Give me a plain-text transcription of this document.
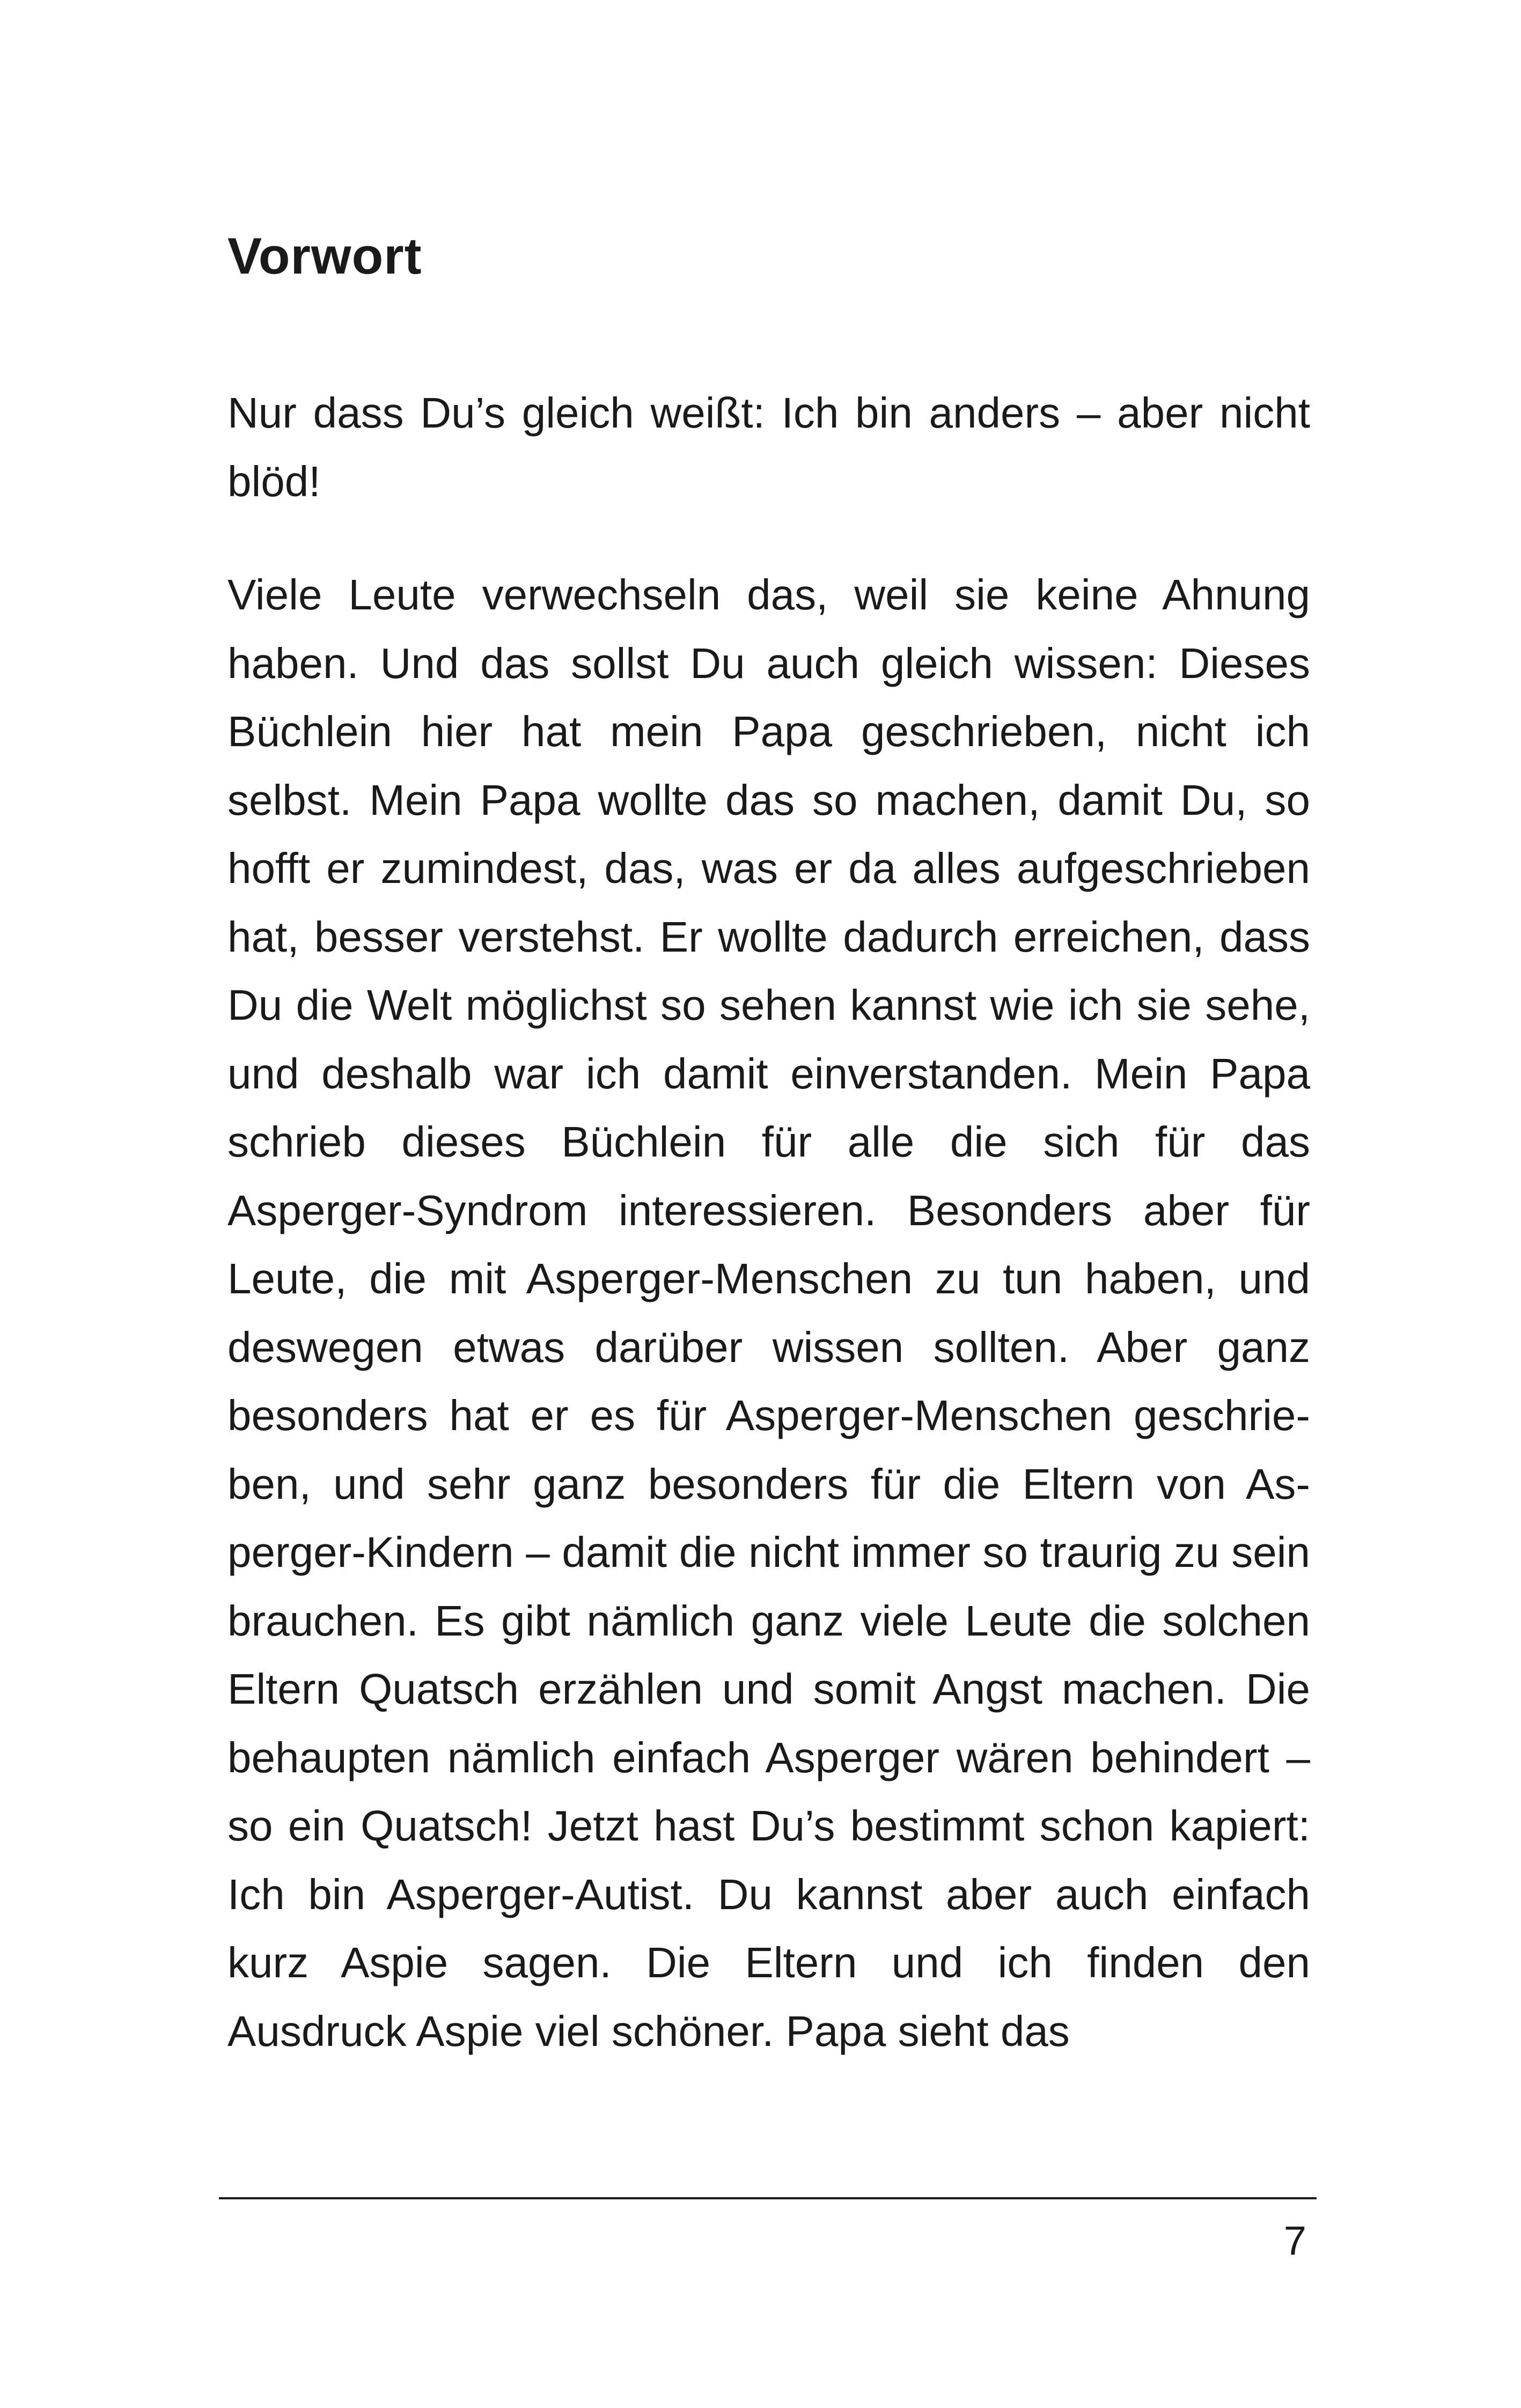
Vorwort

Nur dass Du’s gleich weißt: Ich bin anders – aber nicht blöd!

Viele Leute verwechseln das, weil sie keine Ahnung haben. Und das sollst Du auch gleich wissen: Dieses Büchlein hier hat mein Papa geschrieben, nicht ich selbst. Mein Papa wollte das so machen, damit Du, so hofft er zumindest, das, was er da alles aufgeschrieben hat, besser verstehst. Er wollte dadurch erreichen, dass Du die Welt möglichst so sehen kannst wie ich sie sehe, und deshalb war ich damit einverstanden. Mein Papa schrieb dieses Büchlein für alle die sich für das Asperger-Syndrom interessieren. Besonders aber für Leute, die mit Asperger-Menschen zu tun haben, und deswegen etwas darüber wissen sollten. Aber ganz besonders hat er es für Asperger-Menschen geschrieben, und sehr ganz besonders für die Eltern von Asperger-Kindern – damit die nicht immer so traurig zu sein brauchen. Es gibt nämlich ganz viele Leute die solchen Eltern Quatsch erzählen und somit Angst machen. Die behaupten nämlich einfach Asperger wären behindert – so ein Quatsch! Jetzt hast Du’s bestimmt schon kapiert: Ich bin Asperger-Autist. Du kannst aber auch einfach kurz Aspie sagen. Die Eltern und ich finden den Ausdruck Aspie viel schöner. Papa sieht das

7
